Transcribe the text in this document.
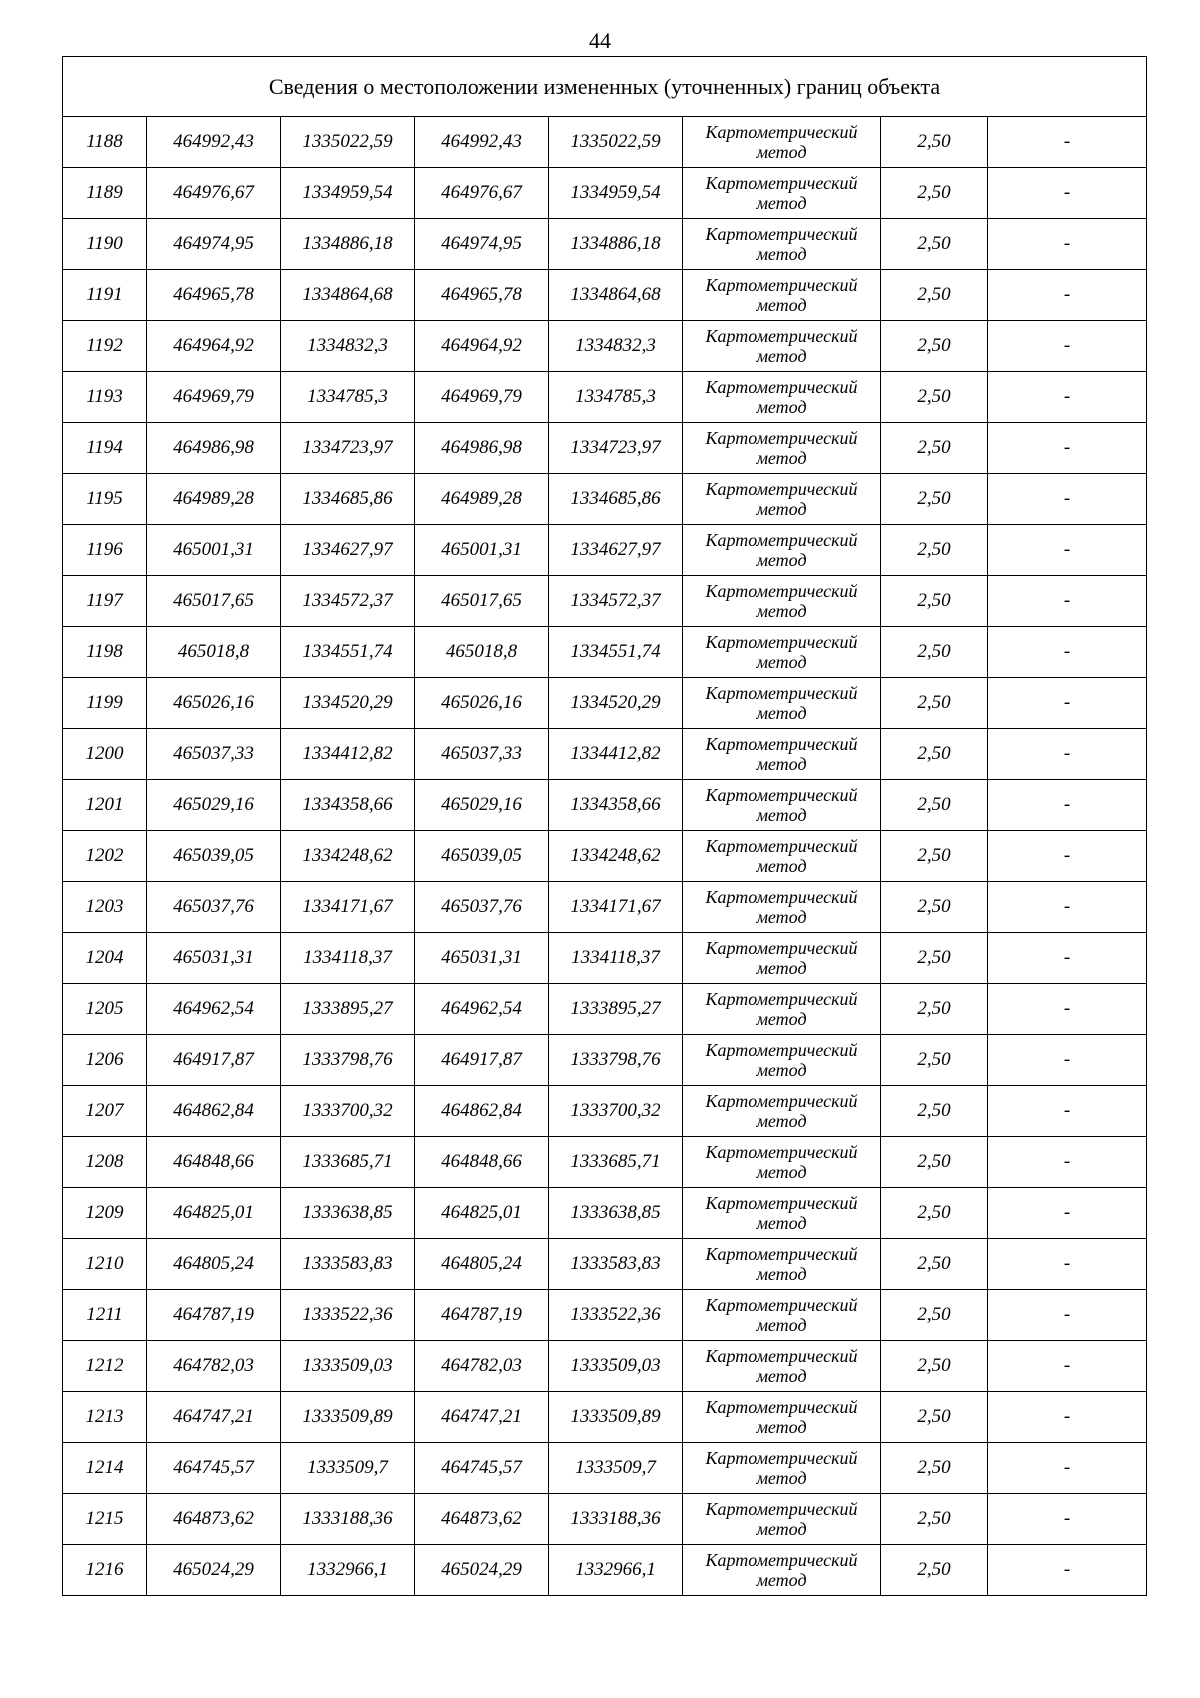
44
Сведения о местоположении измененных (уточненных) границ объекта							
1188	464992,43	1335022,59	464992,43	1335022,59	Картометрический метод	2,50	-
1189	464976,67	1334959,54	464976,67	1334959,54	Картометрический метод	2,50	-
1190	464974,95	1334886,18	464974,95	1334886,18	Картометрический метод	2,50	-
1191	464965,78	1334864,68	464965,78	1334864,68	Картометрический метод	2,50	-
1192	464964,92	1334832,3	464964,92	1334832,3	Картометрический метод	2,50	-
1193	464969,79	1334785,3	464969,79	1334785,3	Картометрический метод	2,50	-
1194	464986,98	1334723,97	464986,98	1334723,97	Картометрический метод	2,50	-
1195	464989,28	1334685,86	464989,28	1334685,86	Картометрический метод	2,50	-
1196	465001,31	1334627,97	465001,31	1334627,97	Картометрический метод	2,50	-
1197	465017,65	1334572,37	465017,65	1334572,37	Картометрический метод	2,50	-
1198	465018,8	1334551,74	465018,8	1334551,74	Картометрический метод	2,50	-
1199	465026,16	1334520,29	465026,16	1334520,29	Картометрический метод	2,50	-
1200	465037,33	1334412,82	465037,33	1334412,82	Картометрический метод	2,50	-
1201	465029,16	1334358,66	465029,16	1334358,66	Картометрический метод	2,50	-
1202	465039,05	1334248,62	465039,05	1334248,62	Картометрический метод	2,50	-
1203	465037,76	1334171,67	465037,76	1334171,67	Картометрический метод	2,50	-
1204	465031,31	1334118,37	465031,31	1334118,37	Картометрический метод	2,50	-
1205	464962,54	1333895,27	464962,54	1333895,27	Картометрический метод	2,50	-
1206	464917,87	1333798,76	464917,87	1333798,76	Картометрический метод	2,50	-
1207	464862,84	1333700,32	464862,84	1333700,32	Картометрический метод	2,50	-
1208	464848,66	1333685,71	464848,66	1333685,71	Картометрический метод	2,50	-
1209	464825,01	1333638,85	464825,01	1333638,85	Картометрический метод	2,50	-
1210	464805,24	1333583,83	464805,24	1333583,83	Картометрический метод	2,50	-
1211	464787,19	1333522,36	464787,19	1333522,36	Картометрический метод	2,50	-
1212	464782,03	1333509,03	464782,03	1333509,03	Картометрический метод	2,50	-
1213	464747,21	1333509,89	464747,21	1333509,89	Картометрический метод	2,50	-
1214	464745,57	1333509,7	464745,57	1333509,7	Картометрический метод	2,50	-
1215	464873,62	1333188,36	464873,62	1333188,36	Картометрический метод	2,50	-
1216	465024,29	1332966,1	465024,29	1332966,1	Картометрический метод	2,50	-
